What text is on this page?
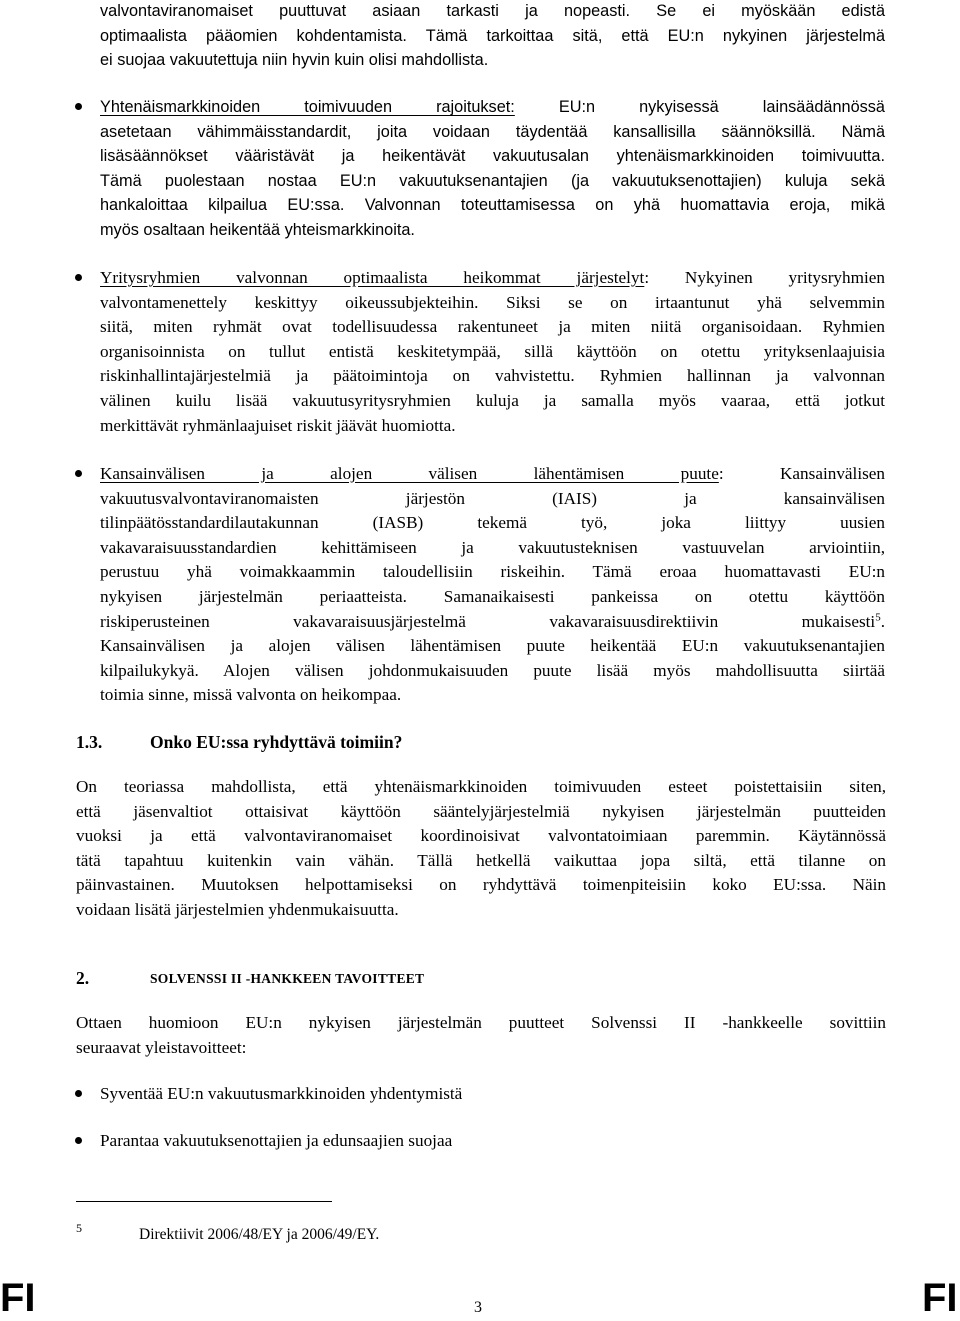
valvontaviranomaiset puuttuvat asiaan tarkasti ja nopeasti. Se ei myöskään edistä
optimaalista pääomien kohdentamista. Tämä tarkoittaa sitä, että EU:n nykyinen järjestelmä
ei suojaa vakuutettuja niin hyvin kuin olisi mahdollista.
Yhtenäismarkkinoiden toimivuuden rajoitukset: EU:n nykyisessä lainsäädännössä
asetetaan vähimmäisstandardit, joita voidaan täydentää kansallisilla säännöksillä. Nämä
lisäsäännökset vääristävät ja heikentävät vakuutusalan yhtenäismarkkinoiden toimivuutta.
Tämä puolestaan nostaa EU:n vakuutuksenantajien (ja vakuutuksenottajien) kuluja sekä
hankaloittaa kilpailua EU:ssa. Valvonnan toteuttamisessa on yhä huomattavia eroja, mikä
myös osaltaan heikentää yhteismarkkinoita.
Yritysryhmien valvonnan optimaalista heikommat järjestelyt: Nykyinen yritysryhmien
valvontamenettely keskittyy oikeussubjekteihin. Siksi se on irtaantunut yhä selvemmin
siitä, miten ryhmät ovat todellisuudessa rakentuneet ja miten niitä organisoidaan. Ryhmien
organisoinnista on tullut entistä keskitetympää, sillä käyttöön on otettu yrityksenlaajuisia
riskinhallintajärjestelmiä ja päätoimintoja on vahvistettu. Ryhmien hallinnan ja valvonnan
välinen kuilu lisää vakuutusyritysryhmien kuluja ja samalla myös vaaraa, että jotkut
merkittävät ryhmänlaajuiset riskit jäävät huomiotta.
Kansainvälisen ja alojen välisen lähentämisen puute: Kansainvälisen
vakuutusvalvontaviranomaisten järjestön (IAIS) ja kansainvälisen
tilinpäätösstandardilautakunnan (IASB) tekemä työ, joka liittyy uusien
vakavaraisuusstandardien kehittämiseen ja vakuutusteknisen vastuuvelan arviointiin,
perustuu yhä voimakkaammin taloudellisiin riskeihin. Tämä eroaa huomattavasti EU:n
nykyisen järjestelmän periaatteista. Samanaikaisesti pankeissa on otettu käyttöön
riskiperusteinen vakavaraisuusjärjestelmä vakavaraisuusdirektiivin mukaisesti$^5$.
Kansainvälisen ja alojen välisen lähentämisen puute heikentää EU:n vakuutuksenantajien
kilpailukykyä. Alojen välisen johdonmukaisuuden puute lisää myös mahdollisuutta siirtää
toimia sinne, missä valvonta on heikompaa.
1.3.	Onko EU:ssa ryhdyttävä toimiin?
On teoriassa mahdollista, että yhtenäismarkkinoiden toimivuuden esteet poistettaisiin siten,
että jäsenvaltiot ottaisivat käyttöön sääntelyjärjestelmiä nykyisen järjestelmän puutteiden
vuoksi ja että valvontaviranomaiset koordinoisivat valvontatoimiaan paremmin. Käytännössä
tätä tapahtuu kuitenkin vain vähän. Tällä hetkellä vaikuttaa jopa siltä, että tilanne on
päinvastainen. Muutoksen helpottamiseksi on ryhdyttävä toimenpiteisiin koko EU:ssa. Näin
voidaan lisätä järjestelmien yhdenmukaisuutta.
2.	SOLVENSSI II -HANKKEEN TAVOITTEET
Ottaen huomioon EU:n nykyisen järjestelmän puutteet Solvenssi II -hankkeelle sovittiin
seuraavat yleistavoitteet:
Syventää EU:n vakuutusmarkkinoiden yhdentymistä
Parantaa vakuutuksenottajien ja edunsaajien suojaa
5	Direktiivit 2006/48/EY ja 2006/49/EY.
FI	3	FI
